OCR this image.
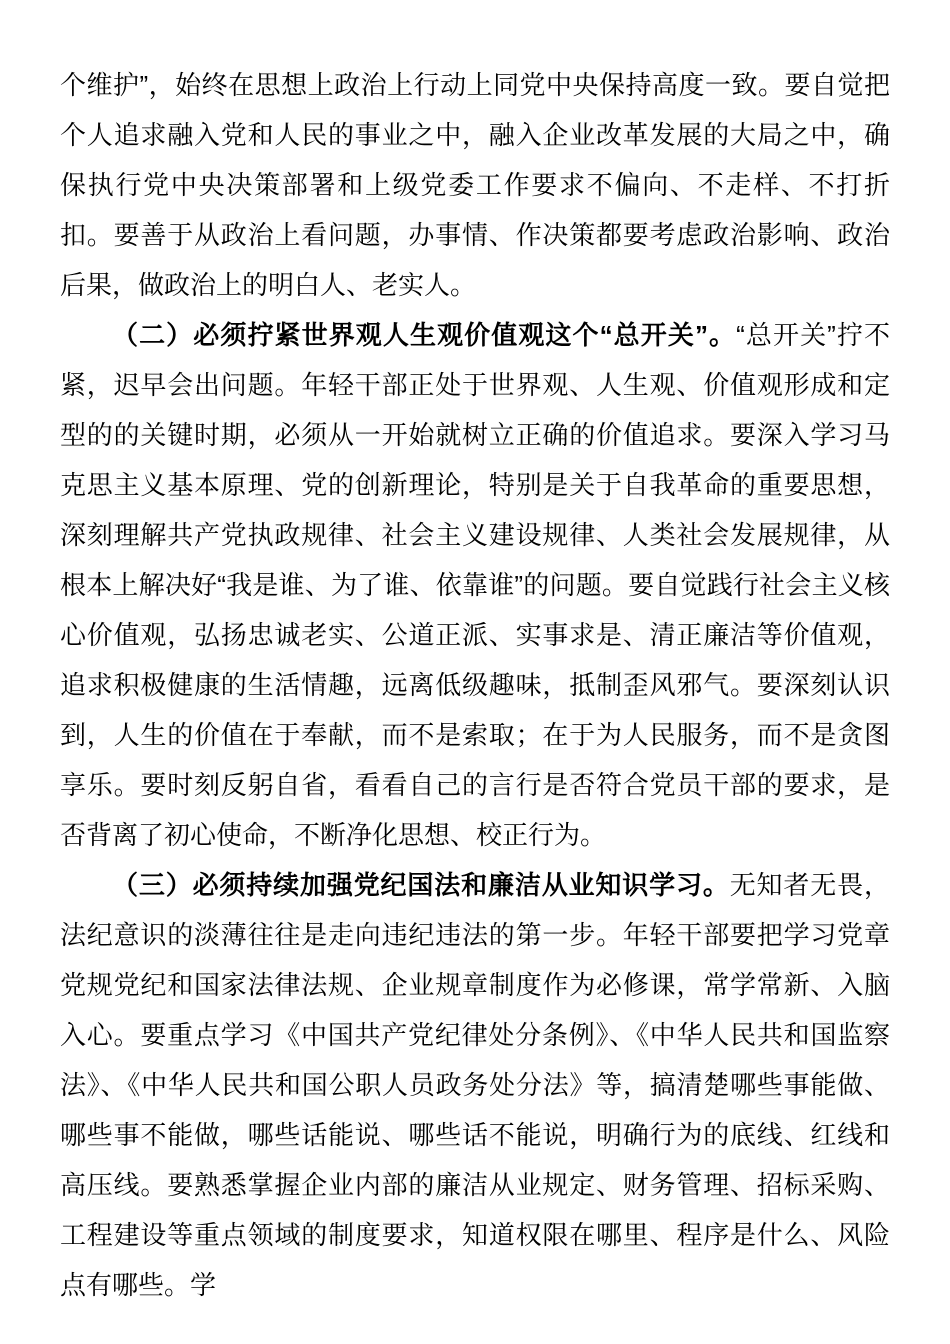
个维护”，始终在思想上政治上行动上同党中央保持高度一致。要自觉把个人追求融入党和人民的事业之中，融入企业改革发展的大局之中，确保执行党中央决策部署和上级党委工作要求不偏向、不走样、不打折扣。要善于从政治上看问题，办事情、作决策都要考虑政治影响、政治后果，做政治上的明白人、老实人。

（二）必须拧紧世界观人生观价值观这个“总开关”。“总开关”拧不紧，迟早会出问题。年轻干部正处于世界观、人生观、价值观形成和定型的的关键时期，必须从一开始就树立正确的价值追求。要深入学习马克思主义基本原理、党的创新理论，特别是关于自我革命的重要思想，深刻理解共产党执政规律、社会主义建设规律、人类社会发展规律，从根本上解决好“我是谁、为了谁、依靠谁”的问题。要自觉践行社会主义核心价值观，弘扬忠诚老实、公道正派、实事求是、清正廉洁等价值观，追求积极健康的生活情趣，远离低级趣味，抵制歪风邪气。要深刻认识到，人生的价值在于奉献，而不是索取；在于为人民服务，而不是贪图享乐。要时刻反躬自省，看看自己的言行是否符合党员干部的要求，是否背离了初心使命，不断净化思想、校正行为。

（三）必须持续加强党纪国法和廉洁从业知识学习。无知者无畏，法纪意识的淡薄往往是走向违纪违法的第一步。年轻干部要把学习党章党规党纪和国家法律法规、企业规章制度作为必修课，常学常新、入脑入心。要重点学习《中国共产党纪律处分条例》、《中华人民共和国监察法》、《中华人民共和国公职人员政务处分法》等，搞清楚哪些事能做、哪些事不能做，哪些话能说、哪些话不能说，明确行为的底线、红线和高压线。要熟悉掌握企业内部的廉洁从业规定、财务管理、招标采购、工程建设等重点领域的制度要求，知道权限在哪里、程序是什么、风险点有哪些。学
